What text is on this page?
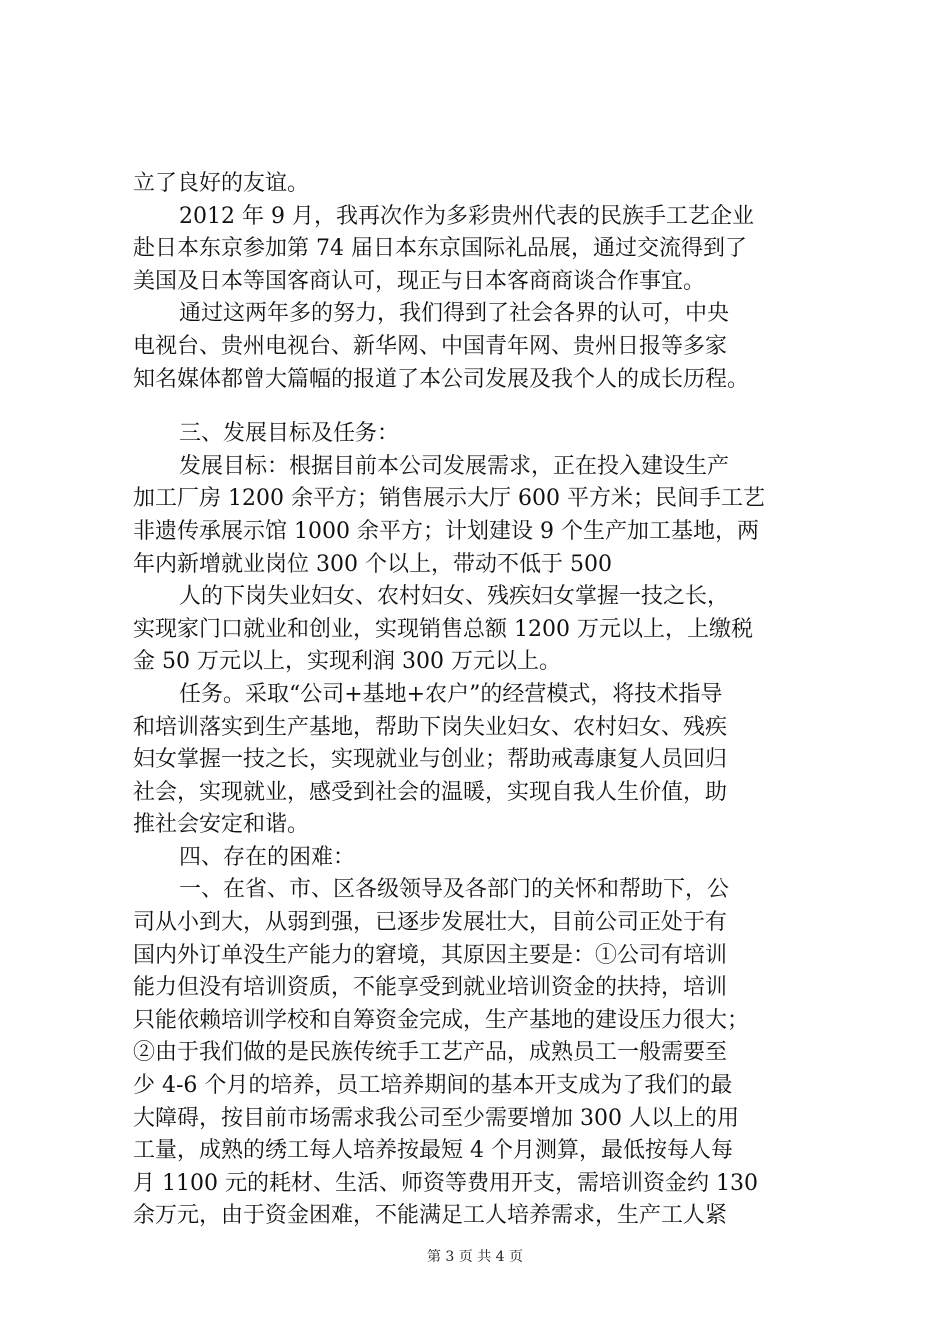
立了良好的友谊。
2012 年 9 月，我再次作为多彩贵州代表的民族手工艺企业
赴日本东京参加第 74 届日本东京国际礼品展，通过交流得到了
美国及日本等国客商认可，现正与日本客商商谈合作事宜。
通过这两年多的努力，我们得到了社会各界的认可，中央
电视台、贵州电视台、新华网、中国青年网、贵州日报等多家
知名媒体都曾大篇幅的报道了本公司发展及我个人的成长历程。
三、发展目标及任务：
发展目标：根据目前本公司发展需求，正在投入建设生产
加工厂房 1200 余平方；销售展示大厅 600 平方米；民间手工艺
非遗传承展示馆 1000 余平方；计划建设 9 个生产加工基地，两
年内新增就业岗位 300 个以上，带动不低于 500
人的下岗失业妇女、农村妇女、残疾妇女掌握一技之长，
实现家门口就业和创业，实现销售总额 1200 万元以上，上缴税
金 50 万元以上，实现利润 300 万元以上。
任务。采取“公司+基地+农户”的经营模式，将技术指导
和培训落实到生产基地，帮助下岗失业妇女、农村妇女、残疾
妇女掌握一技之长，实现就业与创业；帮助戒毒康复人员回归
社会，实现就业，感受到社会的温暖，实现自我人生价值，助
推社会安定和谐。
四、存在的困难：
一、在省、市、区各级领导及各部门的关怀和帮助下，公
司从小到大，从弱到强，已逐步发展壮大，目前公司正处于有
国内外订单没生产能力的窘境，其原因主要是：①公司有培训
能力但没有培训资质，不能享受到就业培训资金的扶持，培训
只能依赖培训学校和自筹资金完成，生产基地的建设压力很大；
②由于我们做的是民族传统手工艺产品，成熟员工一般需要至
少 4-6 个月的培养，员工培养期间的基本开支成为了我们的最
大障碍，按目前市场需求我公司至少需要增加 300 人以上的用
工量，成熟的绣工每人培养按最短 4 个月测算，最低按每人每
月 1100 元的耗材、生活、师资等费用开支，需培训资金约 130
余万元，由于资金困难，不能满足工人培养需求，生产工人紧
第 3 页 共 4 页
